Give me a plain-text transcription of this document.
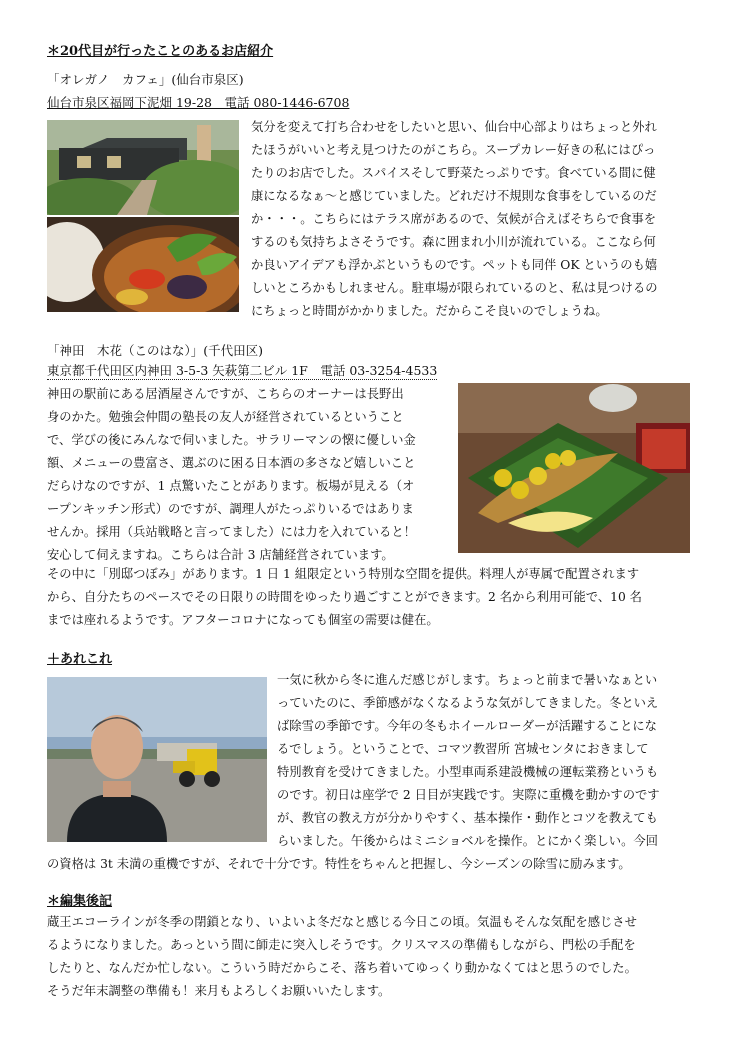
＊20代目が行ったことのあるお店紹介
「オレガノ　カフェ」(仙台市泉区)
仙台市泉区福岡下泥畑 19-28　電話 080-1446-6708
気分を変えて打ち合わせをしたいと思い、仙台中心部よりはちょっと外れ
たほうがいいと考え見つけたのがこちら。スープカレー好きの私にはぴっ
たりのお店でした。スパイスそして野菜たっぷりです。食べている間に健
康になるなぁ～と感じていました。どれだけ不規則な食事をしているのだ
か・・・。こちらにはテラス席があるので、気候が合えばそちらで食事を
するのも気持ちよさそうです。森に囲まれ小川が流れている。ここなら何
か良いアイデアも浮かぶというものです。ペットも同伴 OK というのも嬉
しいところかもしれません。駐車場が限られているのと、私は見つけるの
にちょっと時間がかかりました。だからこそ良いのでしょうね。
「神田　木花（このはな）」(千代田区)
東京都千代田区内神田 3-5-3 矢萩第二ビル 1F　電話 03-3254-4533
神田の駅前にある居酒屋さんですが、こちらのオーナーは長野出
身のかた。勉強会仲間の塾長の友人が経営されているということ
で、学びの後にみんなで伺いました。サラリーマンの懐に優しい金
額、メニューの豊富さ、選ぶのに困る日本酒の多さなど嬉しいこと
だらけなのですが、1 点驚いたことがあります。板場が見える（オ
ープンキッチン形式）のですが、調理人がたっぷりいるではありま
せんか。採用（兵站戦略と言ってました）には力を入れていると！
安心して伺えますね。こちらは合計 3 店舗経営されています。
その中に「別邸つぼみ」があります。1 日 1 組限定という特別な空間を提供。料理人が専属で配置されます
から、自分たちのペースでその日限りの時間をゆったり過ごすことができます。2 名から利用可能で、10 名
までは座れるようです。アフターコロナになっても個室の需要は健在。
＋あれこれ
一気に秋から冬に進んだ感じがします。ちょっと前まで暑いなぁとい
っていたのに、季節感がなくなるような気がしてきました。冬といえ
ば除雪の季節です。今年の冬もホイールローダーが活躍することにな
るでしょう。ということで、コマツ教習所 宮城センタにおきまして
特別教育を受けてきました。小型車両系建設機械の運転業務というも
のです。初日は座学で 2 日目が実践です。実際に重機を動かすのです
が、教官の教え方が分かりやすく、基本操作・動作とコツを教えても
らいました。午後からはミニショベルを操作。とにかく楽しい。今回
の資格は 3t 未満の重機ですが、それで十分です。特性をちゃんと把握し、今シーズンの除雪に励みます。
＊編集後記
蔵王エコーラインが冬季の閉鎖となり、いよいよ冬だなと感じる今日この頃。気温もそんな気配を感じさせ
るようになりました。あっという間に師走に突入しそうです。クリスマスの準備もしながら、門松の手配を
したりと、なんだか忙しない。こういう時だからこそ、落ち着いてゆっくり動かなくてはと思うのでした。
そうだ年末調整の準備も！来月もよろしくお願いいたします。
